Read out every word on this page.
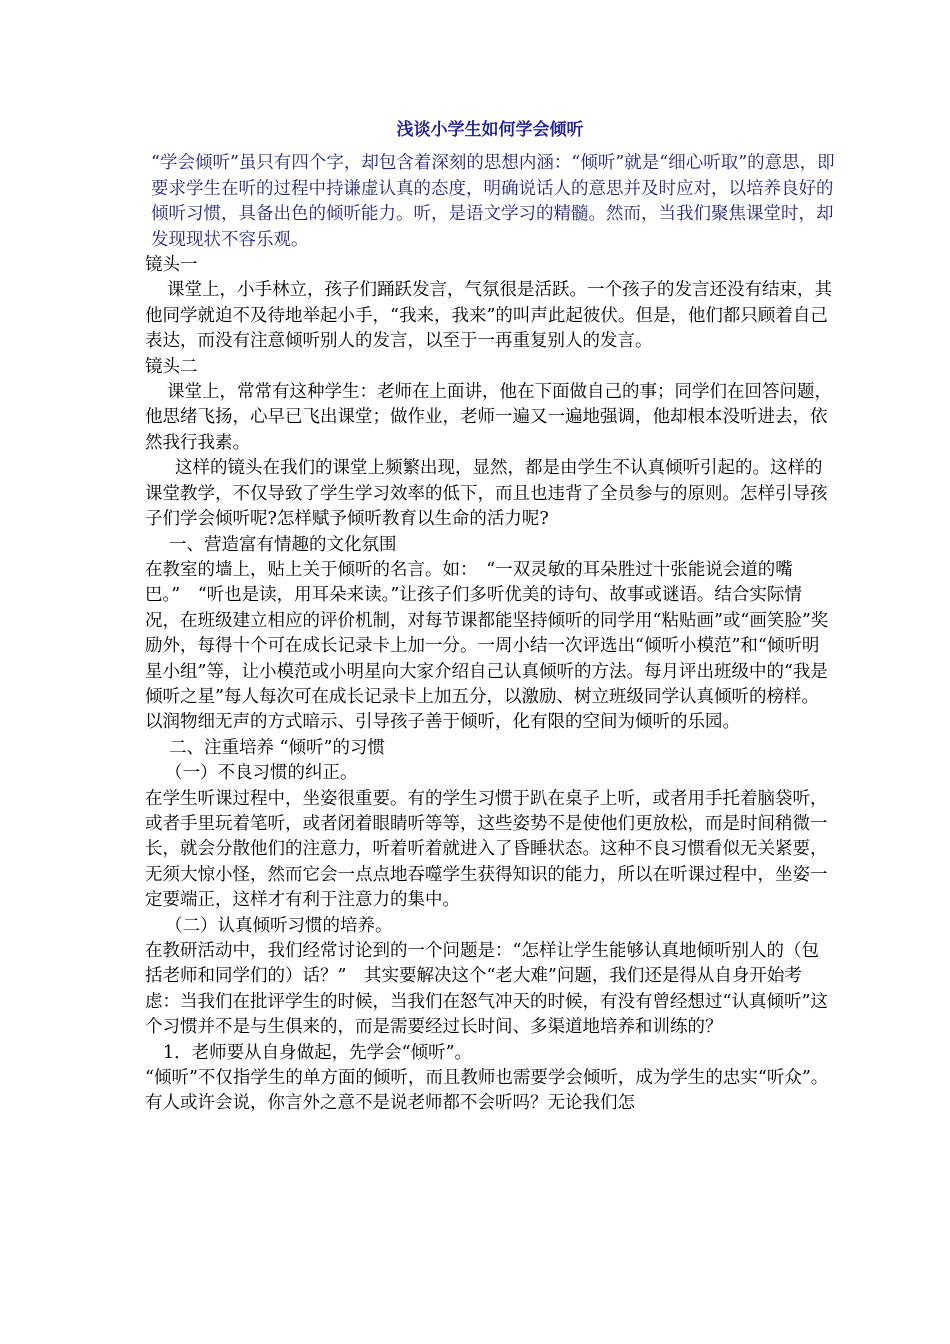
浅谈小学生如何学会倾听

“学会倾听”虽只有四个字，却包含着深刻的思想内涵：“倾听”就是“细心听取”的意思，即要求学生在听的过程中持谦虚认真的态度，明确说话人的意思并及时应对，以培养良好的倾听习惯，具备出色的倾听能力。听，是语文学习的精髓。然而，当我们聚焦课堂时，却发现现状不容乐观。

镜头一

课堂上，小手林立，孩子们踊跃发言，气氛很是活跃。一个孩子的发言还没有结束，其他同学就迫不及待地举起小手，“我来，我来”的叫声此起彼伏。但是，他们都只顾着自己表达，而没有注意倾听别人的发言，以至于一再重复别人的发言。

镜头二

课堂上，常常有这种学生：老师在上面讲，他在下面做自己的事；同学们在回答问题，他思绪飞扬，心早已飞出课堂；做作业，老师一遍又一遍地强调，他却根本没听进去，依然我行我素。

这样的镜头在我们的课堂上频繁出现，显然，都是由学生不认真倾听引起的。这样的课堂教学，不仅导致了学生学习效率的低下，而且也违背了全员参与的原则。怎样引导孩子们学会倾听呢?怎样赋予倾听教育以生命的活力呢?

一、营造富有情趣的文化氛围

在教室的墙上，贴上关于倾听的名言。如：　“一双灵敏的耳朵胜过十张能说会道的嘴巴。”　“听也是读，用耳朵来读。”让孩子们多听优美的诗句、故事或谜语。结合实际情况，在班级建立相应的评价机制，对每节课都能坚持倾听的同学用“粘贴画”或“画笑脸”奖励外，每得十个可在成长记录卡上加一分。一周小结一次评选出“倾听小模范”和“倾听明星小组”等，让小模范或小明星向大家介绍自己认真倾听的方法。每月评出班级中的“我是倾听之星”每人每次可在成长记录卡上加五分，以激励、树立班级同学认真倾听的榜样。以润物细无声的方式暗示、引导孩子善于倾听，化有限的空间为倾听的乐园。

二、注重培养 “倾听”的习惯

（一）不良习惯的纠正。

在学生听课过程中，坐姿很重要。有的学生习惯于趴在桌子上听，或者用手托着脑袋听，或者手里玩着笔听，或者闭着眼睛听等等，这些姿势不是使他们更放松，而是时间稍微一长，就会分散他们的注意力，听着听着就进入了昏睡状态。这种不良习惯看似无关紧要，无须大惊小怪，然而它会一点点地吞噬学生获得知识的能力，所以在听课过程中，坐姿一定要端正，这样才有利于注意力的集中。

（二）认真倾听习惯的培养。

在教研活动中，我们经常讨论到的一个问题是：“怎样让学生能够认真地倾听别人的（包括老师和同学们的）话？”　其实要解决这个“老大难”问题，我们还是得从自身开始考虑：当我们在批评学生的时候，当我们在怒气冲天的时候，有没有曾经想过“认真倾听”这个习惯并不是与生俱来的，而是需要经过长时间、多渠道地培养和训练的？

1．老师要从自身做起，先学会“倾听”。

“倾听”不仅指学生的单方面的倾听，而且教师也需要学会倾听，成为学生的忠实“听众”。有人或许会说，你言外之意不是说老师都不会听吗？无论我们怎
